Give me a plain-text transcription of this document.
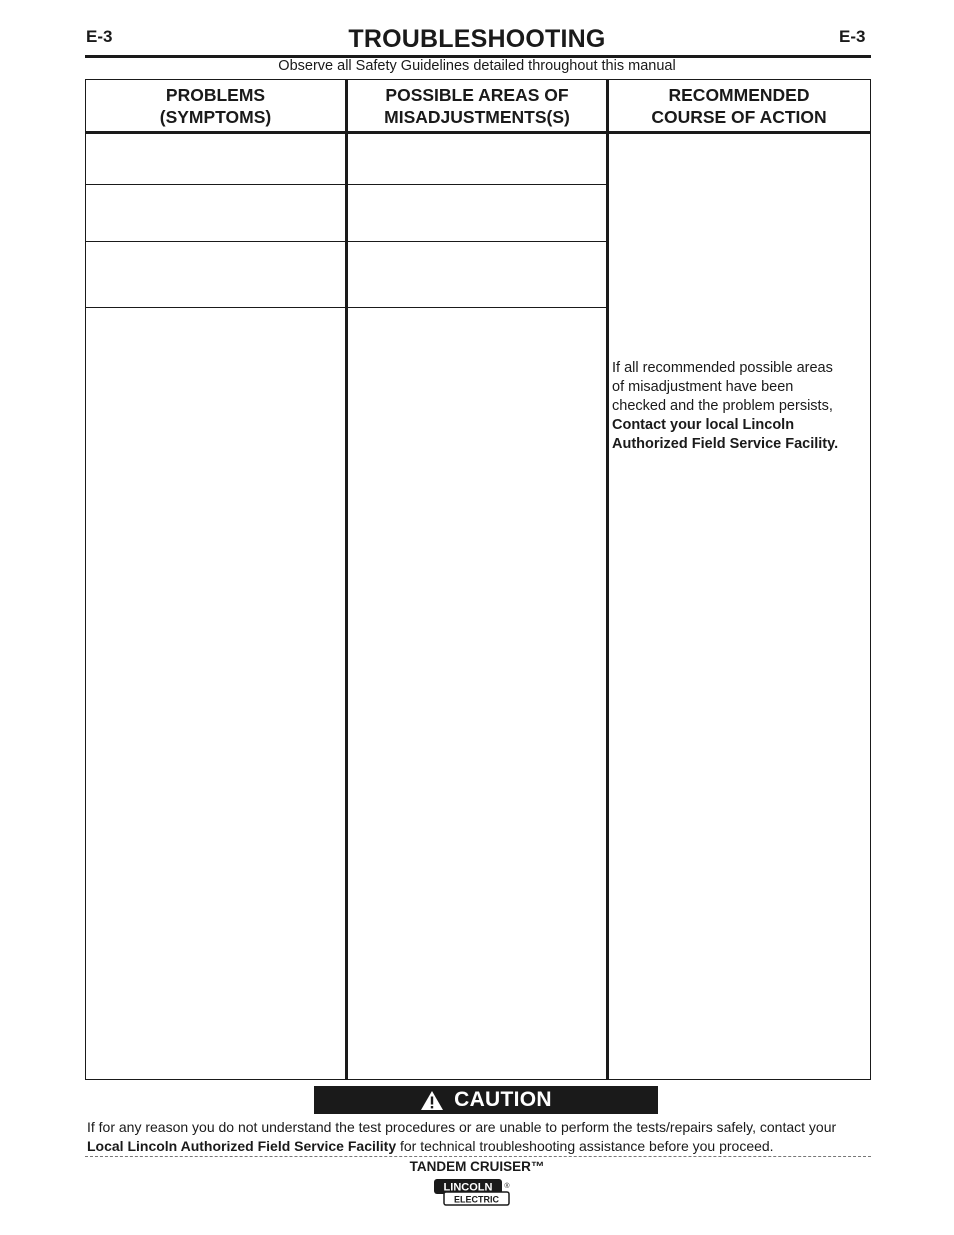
E-3	E-3
TROUBLESHOOTING
Observe all Safety Guidelines detailed throughout this manual
PROBLEMS
(SYMPTOMS)
POSSIBLE AREAS OF
MISADJUSTMENTS(S)
RECOMMENDED
COURSE OF ACTION
If all recommended possible areas
of misadjustment have been
checked and the problem persists,
Contact your local Lincoln
Authorized Field Service Facility.
CAUTION
If for any reason you do not understand the test procedures or are unable to perform the tests/repairs safely, contact your Local Lincoln Authorized Field Service Facility for technical troubleshooting assistance before you proceed.
TANDEM CRUISER™
LINCOLN
ELECTRIC
®
